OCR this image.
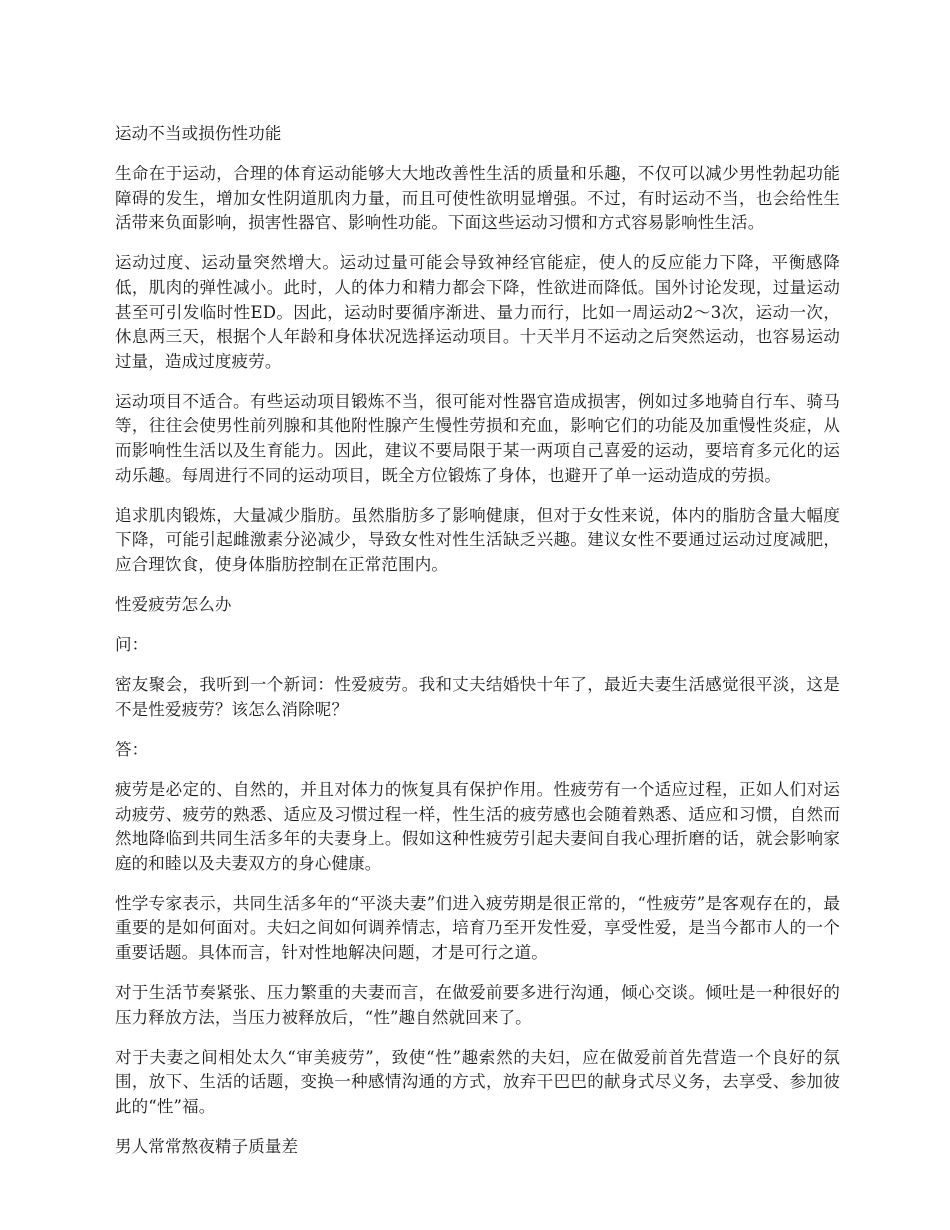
运动不当或损伤性功能

生命在于运动，合理的体育运动能够大大地改善性生活的质量和乐趣，不仅可以减少男性勃起功能障碍的发生，增加女性阴道肌肉力量，而且可使性欲明显增强。不过，有时运动不当，也会给性生活带来负面影响，损害性器官、影响性功能。下面这些运动习惯和方式容易影响性生活。

运动过度、运动量突然增大。运动过量可能会导致神经官能症，使人的反应能力下降，平衡感降低，肌肉的弹性减小。此时，人的体力和精力都会下降，性欲进而降低。国外讨论发现，过量运动甚至可引发临时性ED。因此，运动时要循序渐进、量力而行，比如一周运动2～3次，运动一次，休息两三天，根据个人年龄和身体状况选择运动项目。十天半月不运动之后突然运动，也容易运动过量，造成过度疲劳。

运动项目不适合。有些运动项目锻炼不当，很可能对性器官造成损害，例如过多地骑自行车、骑马等，往往会使男性前列腺和其他附性腺产生慢性劳损和充血，影响它们的功能及加重慢性炎症，从而影响性生活以及生育能力。因此，建议不要局限于某一两项自己喜爱的运动，要培育多元化的运动乐趣。每周进行不同的运动项目，既全方位锻炼了身体，也避开了单一运动造成的劳损。

追求肌肉锻炼，大量减少脂肪。虽然脂肪多了影响健康，但对于女性来说，体内的脂肪含量大幅度下降，可能引起雌激素分泌减少，导致女性对性生活缺乏兴趣。建议女性不要通过运动过度减肥，应合理饮食，使身体脂肪控制在正常范围内。

性爱疲劳怎么办

问：

密友聚会，我听到一个新词：性爱疲劳。我和丈夫结婚快十年了，最近夫妻生活感觉很平淡，这是不是性爱疲劳？该怎么消除呢？

答：

疲劳是必定的、自然的，并且对体力的恢复具有保护作用。性疲劳有一个适应过程，正如人们对运动疲劳、疲劳的熟悉、适应及习惯过程一样，性生活的疲劳感也会随着熟悉、适应和习惯，自然而然地降临到共同生活多年的夫妻身上。假如这种性疲劳引起夫妻间自我心理折磨的话，就会影响家庭的和睦以及夫妻双方的身心健康。

性学专家表示，共同生活多年的“平淡夫妻”们进入疲劳期是很正常的，“性疲劳”是客观存在的，最重要的是如何面对。夫妇之间如何调养情志，培育乃至开发性爱，享受性爱，是当今都市人的一个重要话题。具体而言，针对性地解决问题，才是可行之道。

对于生活节奏紧张、压力繁重的夫妻而言，在做爱前要多进行沟通，倾心交谈。倾吐是一种很好的压力释放方法，当压力被释放后，“性”趣自然就回来了。

对于夫妻之间相处太久“审美疲劳”，致使“性”趣索然的夫妇，应在做爱前首先营造一个良好的氛围，放下、生活的话题，变换一种感情沟通的方式，放弃干巴巴的献身式尽义务，去享受、参加彼此的“性”福。

男人常常熬夜精子质量差
